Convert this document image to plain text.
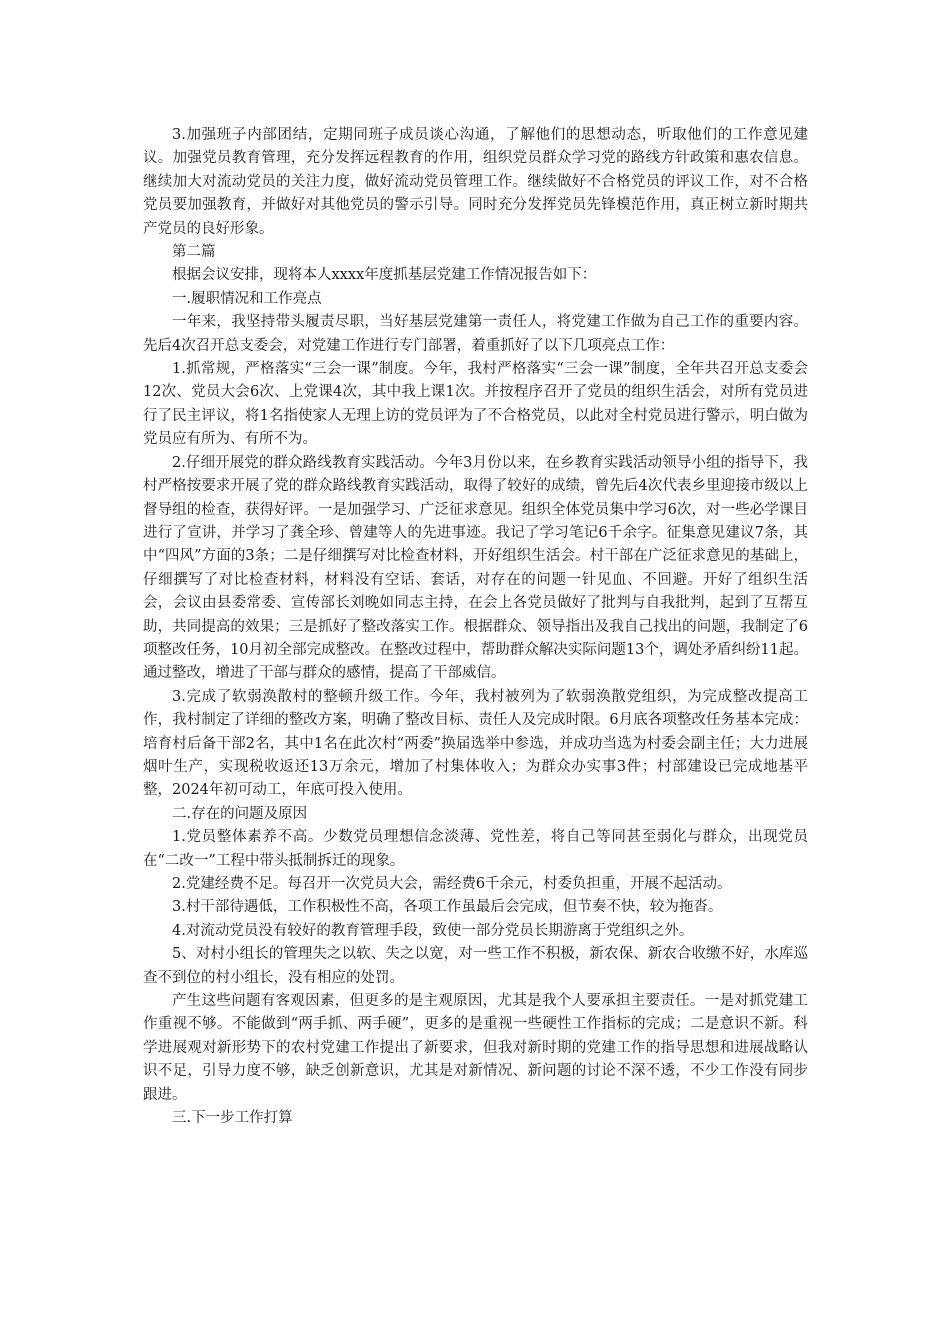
3.加强班子内部团结，定期同班子成员谈心沟通，了解他们的思想动态，听取他们的工作意见建议。加强党员教育管理，充分发挥远程教育的作用，组织党员群众学习党的路线方针政策和惠农信息。继续加大对流动党员的关注力度，做好流动党员管理工作。继续做好不合格党员的评议工作，对不合格党员要加强教育，并做好对其他党员的警示引导。同时充分发挥党员先锋模范作用，真正树立新时期共产党员的良好形象。

第二篇

根据会议安排，现将本人xxxx年度抓基层党建工作情况报告如下：

一.履职情况和工作亮点

一年来，我坚持带头履责尽职，当好基层党建第一责任人，将党建工作做为自己工作的重要内容。先后4次召开总支委会，对党建工作进行专门部署，着重抓好了以下几项亮点工作：

1.抓常规，严格落实“三会一课”制度。今年，我村严格落实“三会一课”制度，全年共召开总支委会12次、党员大会6次、上党课4次，其中我上课1次。并按程序召开了党员的组织生活会，对所有党员进行了民主评议，将1名指使家人无理上访的党员评为了不合格党员，以此对全村党员进行警示，明白做为党员应有所为、有所不为。

2.仔细开展党的群众路线教育实践活动。今年3月份以来，在乡教育实践活动领导小组的指导下，我村严格按要求开展了党的群众路线教育实践活动，取得了较好的成绩，曾先后4次代表乡里迎接市级以上督导组的检查，获得好评。一是加强学习、广泛征求意见。组织全体党员集中学习6次，对一些必学课目进行了宣讲，并学习了龚全珍、曾建等人的先进事迹。我记了学习笔记6千余字。征集意见建议7条，其中“四风”方面的3条；二是仔细撰写对比检查材料，开好组织生活会。村干部在广泛征求意见的基础上，仔细撰写了对比检查材料，材料没有空话、套话，对存在的问题一针见血、不回避。开好了组织生活会，会议由县委常委、宣传部长刘晚如同志主持，在会上各党员做好了批判与自我批判，起到了互帮互助，共同提高的效果；三是抓好了整改落实工作。根据群众、领导指出及我自己找出的问题，我制定了6项整改任务，10月初全部完成整改。在整改过程中，帮助群众解决实际问题13个，调处矛盾纠纷11起。通过整改，增进了干部与群众的感情，提高了干部威信。

3.完成了软弱涣散村的整顿升级工作。今年，我村被列为了软弱涣散党组织，为完成整改提高工作，我村制定了详细的整改方案，明确了整改目标、责任人及完成时限。6月底各项整改任务基本完成：培育村后备干部2名，其中1名在此次村“两委”换届选举中参选，并成功当选为村委会副主任；大力进展烟叶生产，实现税收返还13万余元，增加了村集体收入；为群众办实事3件；村部建设已完成地基平整，2024年初可动工，年底可投入使用。

二.存在的问题及原因

1.党员整体素养不高。少数党员理想信念淡薄、党性差，将自己等同甚至弱化与群众，出现党员在“二改一”工程中带头抵制拆迁的现象。

2.党建经费不足。每召开一次党员大会，需经费6千余元，村委负担重，开展不起活动。

3.村干部待遇低，工作积极性不高，各项工作虽最后会完成，但节奏不快，较为拖沓。

4.对流动党员没有较好的教育管理手段，致使一部分党员长期游离于党组织之外。

5、对村小组长的管理失之以软、失之以宽，对一些工作不积极，新农保、新农合收缴不好，水库巡查不到位的村小组长，没有相应的处罚。

产生这些问题有客观因素，但更多的是主观原因，尤其是我个人要承担主要责任。一是对抓党建工作重视不够。不能做到“两手抓、两手硬”，更多的是重视一些硬性工作指标的完成；二是意识不新。科学进展观对新形势下的农村党建工作提出了新要求，但我对新时期的党建工作的指导思想和进展战略认识不足，引导力度不够，缺乏创新意识，尤其是对新情况、新问题的讨论不深不透，不少工作没有同步跟进。

三.下一步工作打算
